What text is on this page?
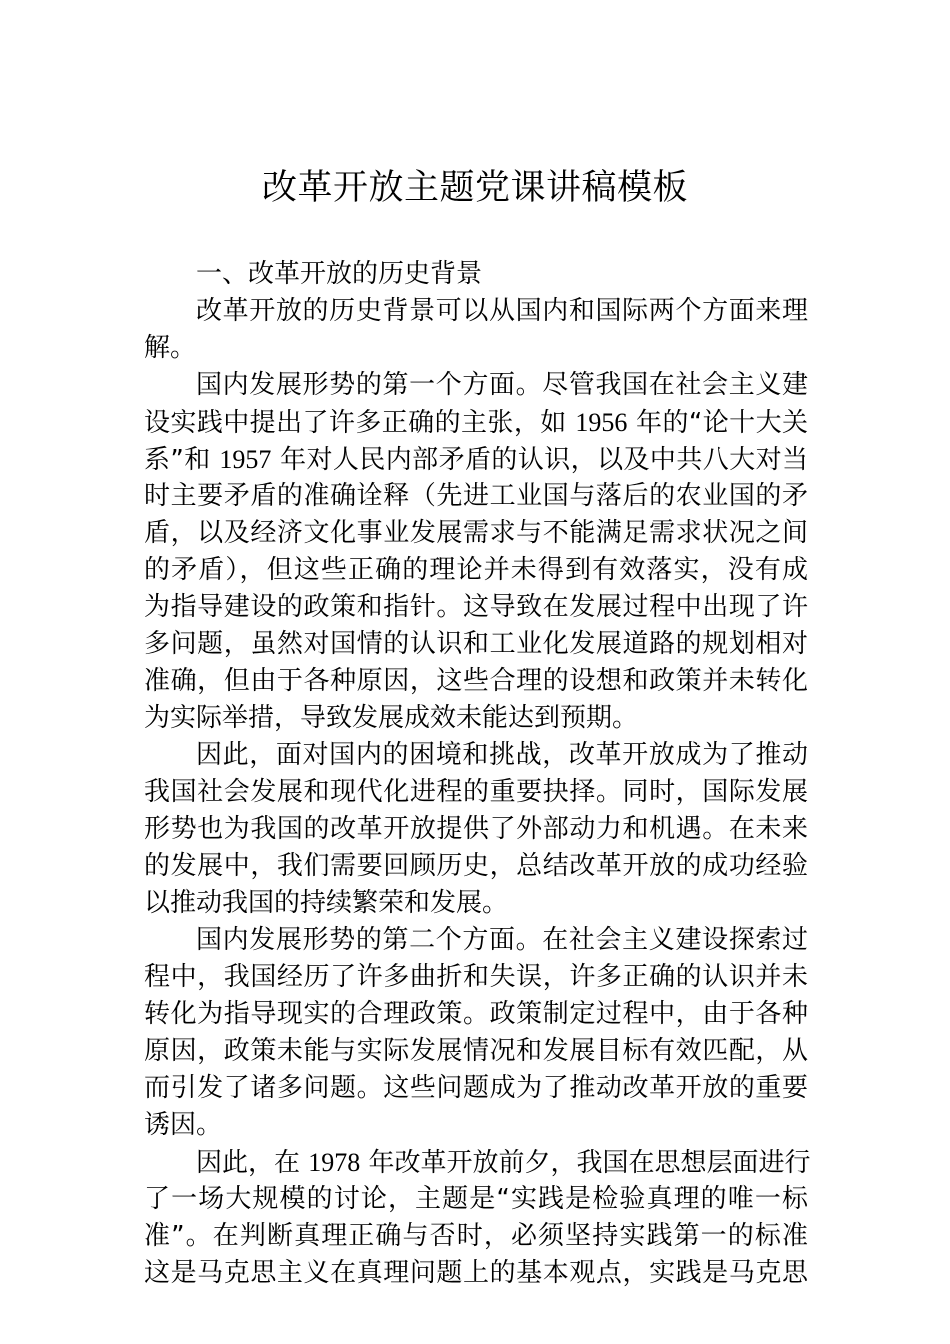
改革开放主题党课讲稿模板
一、改革开放的历史背景
改革开放的历史背景可以从国内和国际两个方面来理
解。
国内发展形势的第一个方面。尽管我国在社会主义建
设实践中提出了许多正确的主张，如 1956 年的“论十大关
系”和 1957 年对人民内部矛盾的认识，以及中共八大对当
时主要矛盾的准确诠释（先进工业国与落后的农业国的矛
盾，以及经济文化事业发展需求与不能满足需求状况之间
的矛盾），但这些正确的理论并未得到有效落实，没有成
为指导建设的政策和指针。这导致在发展过程中出现了许
多问题，虽然对国情的认识和工业化发展道路的规划相对
准确，但由于各种原因，这些合理的设想和政策并未转化
为实际举措，导致发展成效未能达到预期。
因此，面对国内的困境和挑战，改革开放成为了推动
我国社会发展和现代化进程的重要抉择。同时，国际发展
形势也为我国的改革开放提供了外部动力和机遇。在未来
的发展中，我们需要回顾历史，总结改革开放的成功经验
以推动我国的持续繁荣和发展。
国内发展形势的第二个方面。在社会主义建设探索过
程中，我国经历了许多曲折和失误，许多正确的认识并未
转化为指导现实的合理政策。政策制定过程中，由于各种
原因，政策未能与实际发展情况和发展目标有效匹配，从
而引发了诸多问题。这些问题成为了推动改革开放的重要
诱因。
因此，在 1978 年改革开放前夕，我国在思想层面进行
了一场大规模的讨论，主题是“实践是检验真理的唯一标
准”。在判断真理正确与否时，必须坚持实践第一的标准
这是马克思主义在真理问题上的基本观点，实践是马克思
